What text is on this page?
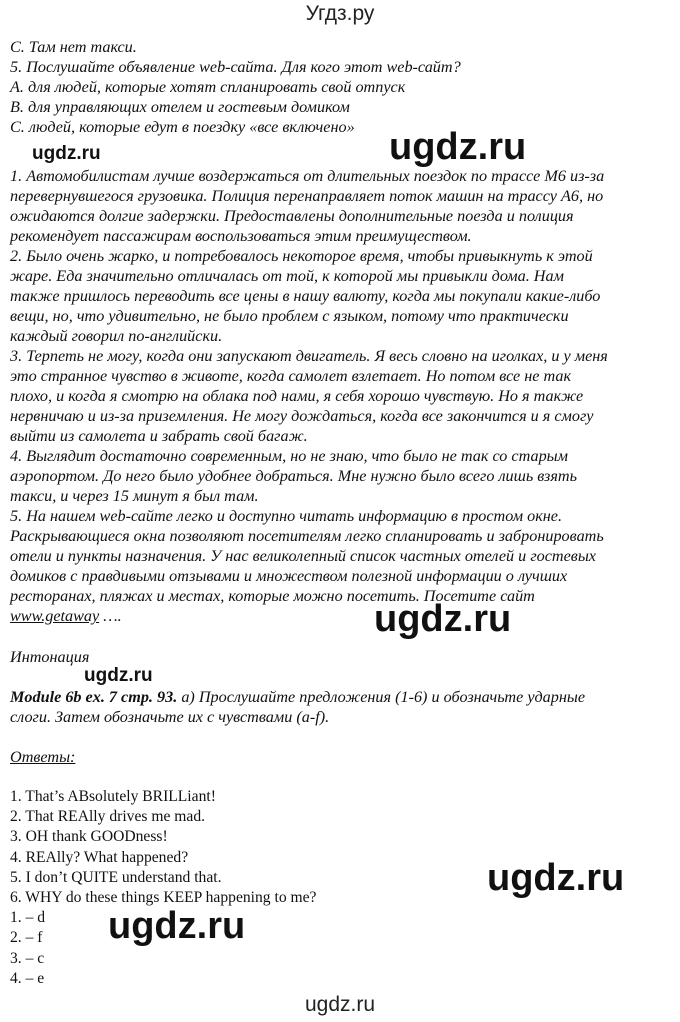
Угдз.ру
C. Там нет такси.
5. Послушайте объявление web-сайта. Для кого этот web-сайт?
A. для людей, которые хотят спланировать свой отпуск
B. для управляющих отелем и гостевым домиком
C. людей, которые едут в поездку «все включено»
1. Автомобилистам лучше воздержаться от длительных поездок по трассе М6 из-за
перевернувшегося грузовика. Полиция перенаправляет поток машин на трассу А6, но
ожидаются долгие задержки. Предоставлены дополнительные поезда и полиция
рекомендует пассажирам воспользоваться этим преимуществом.
2. Было очень жарко, и потребовалось некоторое время, чтобы привыкнуть к этой
жаре. Еда значительно отличалась от той, к которой мы привыкли дома. Нам
также пришлось переводить все цены в нашу валюту, когда мы покупали какие-либо
вещи, но, что удивительно, не было проблем с языком, потому что практически
каждый говорил по-английски.
3. Терпеть не могу, когда они запускают двигатель. Я весь словно на иголках, и у меня
это странное чувство в животе, когда самолет взлетает. Но потом все не так
плохо, и когда я смотрю на облака под нами, я себя хорошо чувствую. Но я также
нервничаю и из-за приземления. Не могу дождаться, когда все закончится и я смогу
выйти из самолета и забрать свой багаж.
4. Выглядит достаточно современным, но не знаю, что было не так со старым
аэропортом. До него было удобнее добраться. Мне нужно было всего лишь взять
такси, и через 15 минут я был там.
5. На нашем web-сайте легко и доступно читать информацию в простом окне.
Раскрывающиеся окна позволяют посетителям легко спланировать и забронировать
отели и пункты назначения. У нас великолепный список частных отелей и гостевых
домиков с правдивыми отзывами и множеством полезной информации о лучших
ресторанах, пляжах и местах, которые можно посетить. Посетите сайт
www.getaway ….
Интонация
Module 6b ex. 7 стр. 93. а) Прослушайте предложения (1-6) и обозначьте ударные
слоги. Затем обозначьте их с чувствами (a-f).
Ответы:
1. That’s ABsolutely BRILLiant!
2. That REAlly drives me mad.
3. OH thank GOODness!
4. REAlly? What happened?
5. I don’t QUITE understand that.
6. WHY do these things KEEP happening to me?
1. – d
2. – f
3. – c
4. – e
ugdz.ru
ugdz.ru
ugdz.ru
ugdz.ru
ugdz.ru
ugdz.ru
ugdz.ru
